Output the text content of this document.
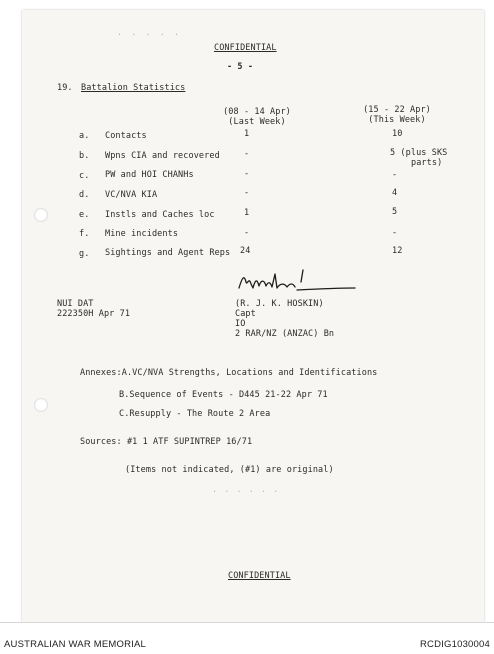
CONFIDENTIAL
. . . . .
- 5 -
19. Battalion Statistics
(08 - 14 Apr)
(Last Week)
(15 - 22 Apr)
(This Week)
a. Contacts	1	10
b. Wpns CIA and recovered	-	5 (plus SKS
parts)
c. PW and HOI CHANHs	-	-
d. VC/NVA KIA	-	4
e. Instls and Caches loc	1	5
f. Mine incidents	-	-
g. Sightings and Agent Reps 24	12
NUI DAT
222350H Apr 71
(R. J. K. HOSKIN)
Capt
IO
2 RAR/NZ (ANZAC) Bn
Annexes:A.VC/NVA Strengths, Locations and Identifications
B.Sequence of Events - D445 21-22 Apr 71
C.Resupply - The Route 2 Area
Sources: #1 1 ATF SUPINTREP 16/71
(Items not indicated, (#1) are original)
. . . . . .
CONFIDENTIAL
AUSTRALIAN WAR MEMORIAL	RCDIG1030004
